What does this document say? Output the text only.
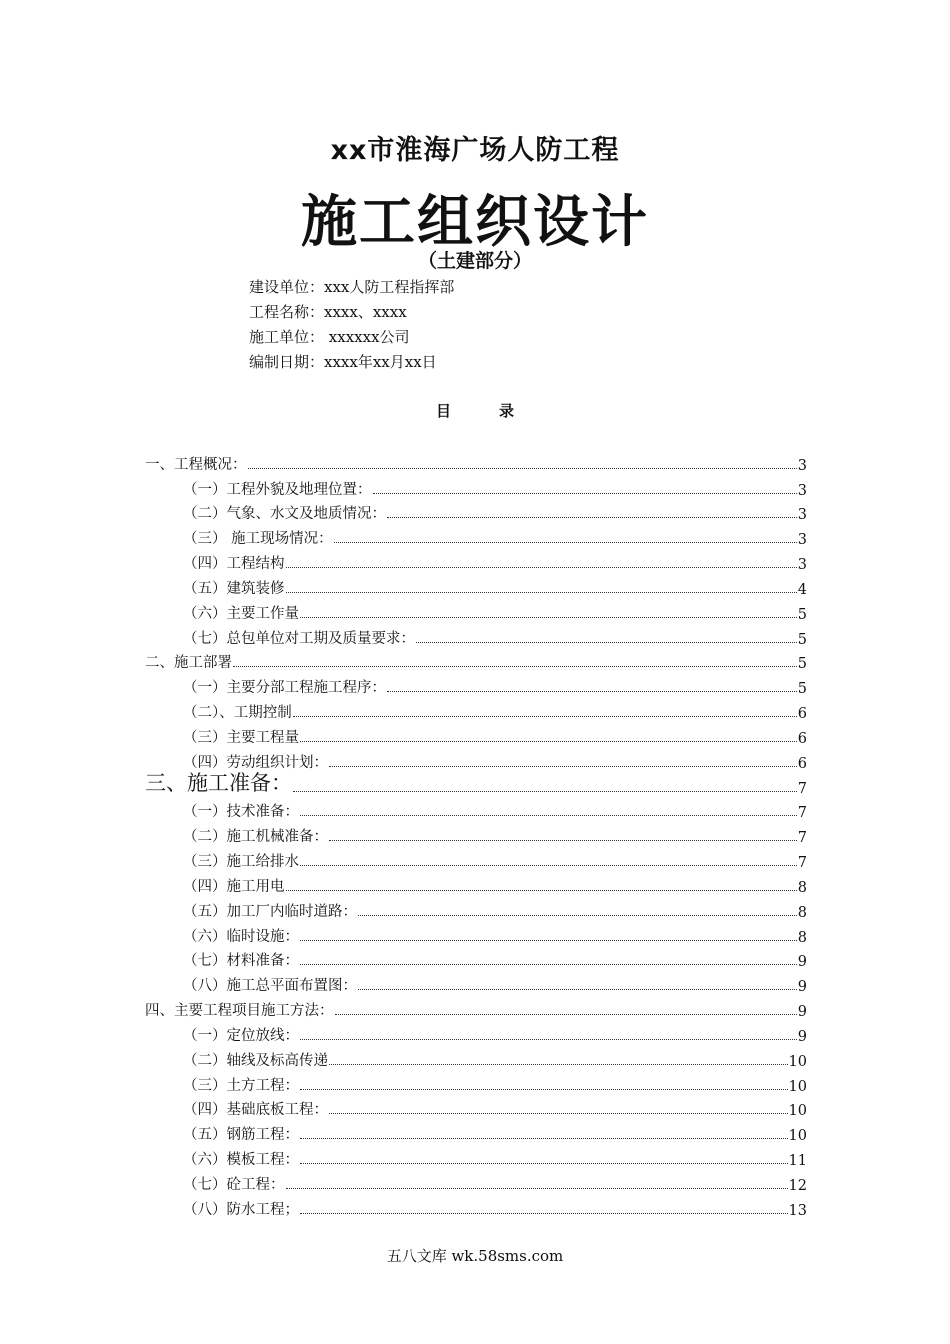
xx市淮海广场人防工程
施工组织设计
（土建部分）
建设单位：xxx人防工程指挥部
工程名称：xxxx、xxxx
施工单位： xxxxxx公司
编制日期：xxxx年xx月xx日
目录
一、工程概况：	3
（一）工程外貌及地理位置：	3
（二）气象、水文及地质情况：	3
（三） 施工现场情况：	3
（四）工程结构	3
（五）建筑装修	4
（六）主要工作量	5
（七）总包单位对工期及质量要求：	5
二、施工部署	5
（一）主要分部工程施工程序：	5
（二）、工期控制	6
（三）主要工程量	6
（四）劳动组织计划：	6
三、施工准备：	7
（一）技术准备：	7
（二）施工机械准备：	7
（三）施工给排水	7
（四）施工用电	8
（五）加工厂内临时道路：	8
（六）临时设施：	8
（七）材料准备：	9
（八）施工总平面布置图：	9
四、主要工程项目施工方法：	9
（一）定位放线：	9
（二）轴线及标高传递	10
（三）土方工程：	10
（四）基础底板工程：	10
（五）钢筋工程：	10
（六）模板工程：	11
（七）砼工程：	12
（八）防水工程；	13
五八文库 wk.58sms.com
